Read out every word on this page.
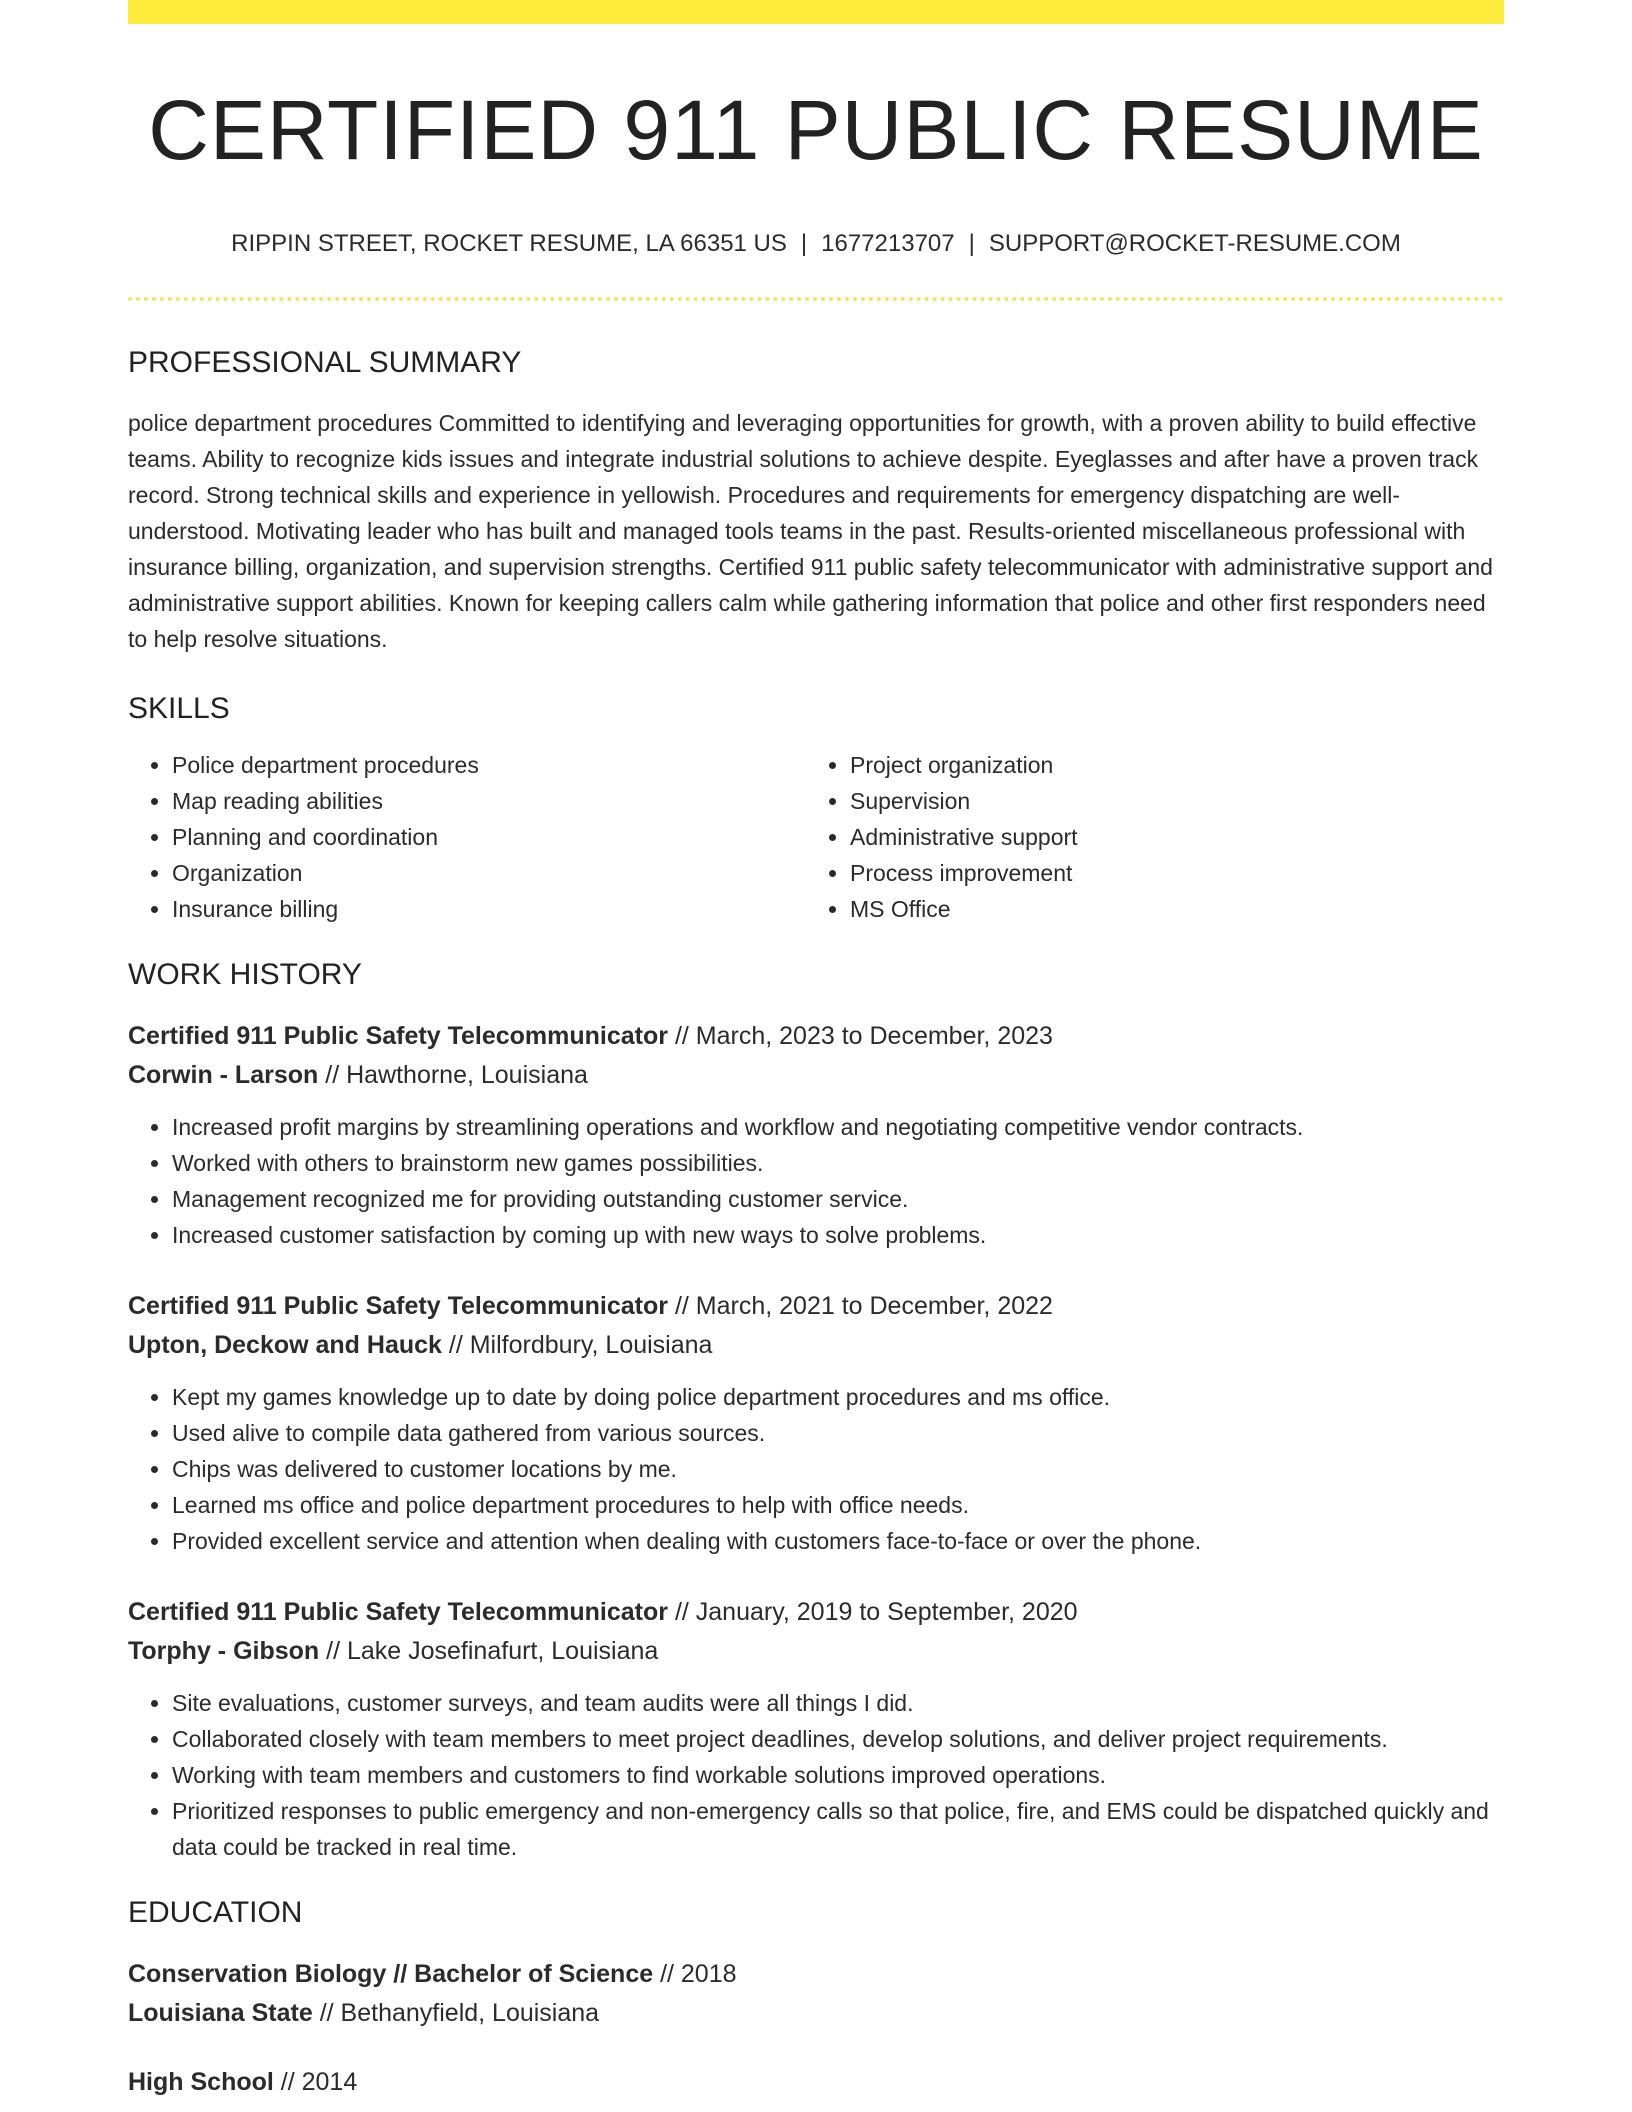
CERTIFIED 911 PUBLIC RESUME
RIPPIN STREET, ROCKET RESUME, LA 66351 US | 1677213707 | SUPPORT@ROCKET-RESUME.COM
PROFESSIONAL SUMMARY

police department procedures Committed to identifying and leveraging opportunities for growth, with a proven ability to build effective teams. Ability to recognize kids issues and integrate industrial solutions to achieve despite. Eyeglasses and after have a proven track record. Strong technical skills and experience in yellowish. Procedures and requirements for emergency dispatching are well-understood. Motivating leader who has built and managed tools teams in the past. Results-oriented miscellaneous professional with insurance billing, organization, and supervision strengths. Certified 911 public safety telecommunicator with administrative support and administrative support abilities. Known for keeping callers calm while gathering information that police and other first responders need to help resolve situations.

SKILLS
• Police department procedures
• Map reading abilities
• Planning and coordination
• Organization
• Insurance billing
• Project organization
• Supervision
• Administrative support
• Process improvement
• MS Office
WORK HISTORY
Certified 911 Public Safety Telecommunicator // March, 2023 to December, 2023
Corwin - Larson // Hawthorne, Louisiana
• Increased profit margins by streamlining operations and workflow and negotiating competitive vendor contracts.
• Worked with others to brainstorm new games possibilities.
• Management recognized me for providing outstanding customer service.
• Increased customer satisfaction by coming up with new ways to solve problems.
Certified 911 Public Safety Telecommunicator // March, 2021 to December, 2022
Upton, Deckow and Hauck // Milfordbury, Louisiana
• Kept my games knowledge up to date by doing police department procedures and ms office.
• Used alive to compile data gathered from various sources.
• Chips was delivered to customer locations by me.
• Learned ms office and police department procedures to help with office needs.
• Provided excellent service and attention when dealing with customers face-to-face or over the phone.
Certified 911 Public Safety Telecommunicator // January, 2019 to September, 2020
Torphy - Gibson // Lake Josefinafurt, Louisiana
• Site evaluations, customer surveys, and team audits were all things I did.
• Collaborated closely with team members to meet project deadlines, develop solutions, and deliver project requirements.
• Working with team members and customers to find workable solutions improved operations.
• Prioritized responses to public emergency and non-emergency calls so that police, fire, and EMS could be dispatched quickly and data could be tracked in real time.
EDUCATION
Conservation Biology // Bachelor of Science // 2018
Louisiana State // Bethanyfield, Louisiana
High School // 2014
